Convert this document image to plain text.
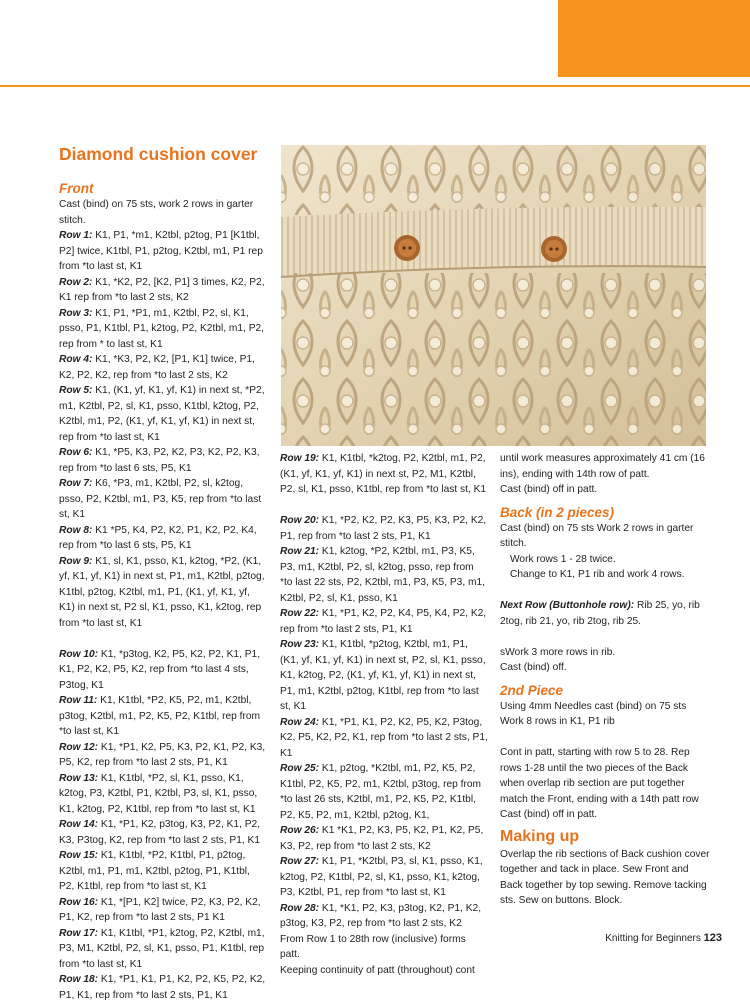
Diamond cushion cover

Front

Cast (bind) on 75 sts, work 2 rows in garter stitch.

Row 1: K1, P1, *m1, K2tbl, p2tog, P1 [K1tbl, P2] twice, K1tbl, P1, p2tog, K2tbl, m1, P1 rep from *to last st, K1

Row 2: K1, *K2, P2, [K2, P1] 3 times, K2, P2, K1 rep from *to last 2 sts, K2

Row 3: K1, P1, *P1, m1, K2tbl, P2, sl, K1, psso, P1, K1tbl, P1, k2tog, P2, K2tbl, m1, P2, rep from * to last st, K1

Row 4: K1, *K3, P2, K2, [P1, K1] twice, P1, K2, P2, K2, rep from *to last 2 sts, K2

Row 5: K1, (K1, yf, K1, yf, K1) in next st, *P2, m1, K2tbl, P2, sl, K1, psso, K1tbl, k2tog, P2, K2tbl, m1, P2, (K1, yf, K1, yf, K1) in next st, rep from *to last st, K1

Row 6: K1, *P5, K3, P2, K2, P3, K2, P2, K3, rep from *to last 6 sts, P5, K1

Row 7: K6, *P3, m1, K2tbl, P2, sl, k2tog, psso, P2, K2tbl, m1, P3, K5, rep from *to last st, K1

Row 8: K1 *P5, K4, P2, K2, P1, K2, P2, K4, rep from *to last 6 sts, P5, K1

Row 9: K1, sl, K1, psso, K1, k2tog, *P2, (K1, yf, K1, yf, K1) in next st, P1, m1, K2tbl, p2tog, K1tbl, p2tog, K2tbl, m1, P1, (K1, yf, K1, yf, K1) in next st, P2 sl, K1, psso, K1, k2tog, rep from *to last st, K1

Row 10: K1, *p3tog, K2, P5, K2, P2, K1, P1, K1, P2, K2, P5, K2, rep from *to last 4 sts, P3tog, K1

Row 11: K1, K1tbl, *P2, K5, P2, m1, K2tbl, p3tog, K2tbl, m1, P2, K5, P2, K1tbl, rep from *to last st, K1

Row 12: K1, *P1, K2, P5, K3, P2, K1, P2, K3, P5, K2, rep from *to last 2 sts, P1, K1

Row 13: K1, K1tbl, *P2, sl, K1, psso, K1, k2tog, P3, K2tbl, P1, K2tbl, P3, sl, K1, psso, K1, k2tog, P2, K1tbl, rep from *to last st, K1

Row 14: K1, *P1, K2, p3tog, K3, P2, K1, P2, K3, P3tog, K2, rep from *to last 2 sts, P1, K1

Row 15: K1, K1tbl, *P2, K1tbl, P1, p2tog, K2tbl, m1, P1, m1, K2tbl, p2tog, P1, K1tbl, P2, K1tbl, rep from *to last st, K1

Row 16: K1, *[P1, K2] twice, P2, K3, P2, K2, P1, K2, rep from *to last 2 sts, P1 K1

Row 17: K1, K1tbl, *P1, k2tog, P2, K2tbl, m1, P3, M1, K2tbl, P2, sl, K1, psso, P1, K1tbl, rep from *to last st, K1

Row 18: K1, *P1, K1, P1, K2, P2, K5, P2, K2, P1, K1, rep from *to last 2 sts, P1, K1

Row 19: K1, K1tbl, *k2tog, P2, K2tbl, m1, P2, (K1, yf, K1, yf, K1) in next st, P2, M1, K2tbl, P2, sl, K1, psso, K1tbl, rep from *to last st, K1

Row 20: K1, *P2, K2, P2, K3, P5, K3, P2, K2, P1, rep from *to last 2 sts, P1, K1

Row 21: K1, k2tog, *P2, K2tbl, m1, P3, K5, P3, m1, K2tbl, P2, sl, k2tog, psso, rep from *to last 22 sts, P2, K2tbl, m1, P3, K5, P3, m1, K2tbl, P2, sl, K1, psso, K1

Row 22: K1, *P1, K2, P2, K4, P5, K4, P2, K2, rep from *to last 2 sts, P1, K1

Row 23: K1, K1tbl, *p2tog, K2tbl, m1, P1, (K1, yf, K1, yf, K1) in next st, P2, sl, K1, psso, K1, k2tog, P2, (K1, yf, K1, yf, K1) in next st, P1, m1, K2tbl, p2tog, K1tbl, rep from *to last st, K1

Row 24: K1, *P1, K1, P2, K2, P5, K2, P3tog, K2, P5, K2, P2, K1, rep from *to last 2 sts, P1, K1

Row 25: K1, p2tog, *K2tbl, m1, P2, K5, P2, K1tbl, P2, K5, P2, m1, K2tbl, p3tog, rep from *to last 26 sts, K2tbl, m1, P2, K5, P2, K1tbl, P2, K5, P2, m1, K2tbl, p2tog, K1,

Row 26: K1 *K1, P2, K3, P5, K2, P1, K2, P5, K3, P2, rep from *to last 2 sts, K2

Row 27: K1, P1, *K2tbl, P3, sl, K1, psso, K1, k2tog, P2, K1tbl, P2, sl, K1, psso, K1, k2tog, P3, K2tbl, P1, rep from *to last st, K1

Row 28: K1, *K1, P2, K3, p3tog, K2, P1, K2, p3tog, K3, P2, rep from *to last 2 sts, K2

From Row 1 to 28th row (inclusive) forms patt.

Keeping continuity of patt (throughout) cont

until work measures approximately 41 cm (16 ins), ending with 14th row of patt.

Cast (bind) off in patt.

Back (in 2 pieces)

Cast (bind) on 75 sts Work 2 rows in garter stitch.

Work rows 1 - 28 twice.

Change to K1, P1 rib and work 4 rows.

Next Row (Buttonhole row): Rib 25, yo, rib 2tog, rib 21, yo, rib 2tog, rib 25.

sWork 3 more rows in rib.

Cast (bind) off.

2nd Piece

Using 4mm Needles cast (bind) on 75 sts Work 8 rows in K1, P1 rib

Cont in patt, starting with row 5 to 28. Rep rows 1-28 until the two pieces of the Back when overlap rib section are put together match the Front, ending with a 14th patt row

Cast (bind) off in patt.

Making up

Overlap the rib sections of Back cushion cover together and tack in place. Sew Front and Back together by top sewing. Remove tacking sts. Sew on buttons. Block.

Knitting for Beginners 123
